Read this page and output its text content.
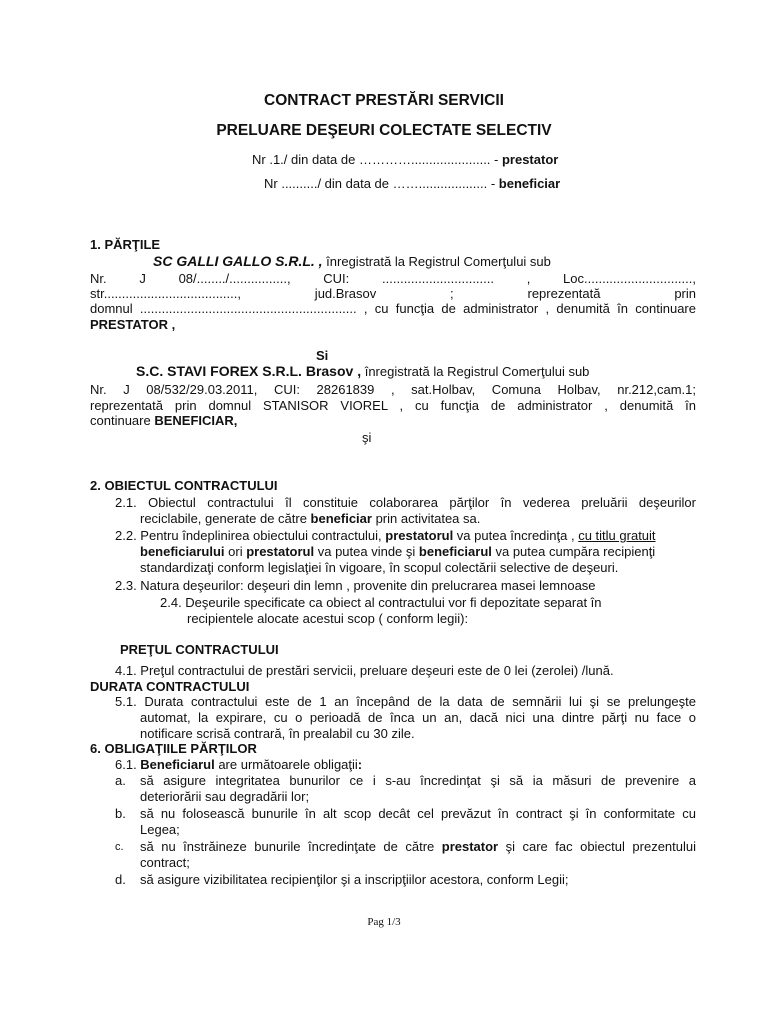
CONTRACT PRESTĂRI SERVICII
PRELUARE DEŞEURI COLECTATE SELECTIV
Nr .1./ din data de …………...................... - prestator
Nr ........../ din data de ……................... - beneficiar
1. PĂRŢILE
SC GALLI GALLO S.R.L. , înregistrată la Registrul Comerţului sub
Nr. J 08/......../................, CUI: ............................... , Loc..............................,
str....................................., jud.Brasov ; reprezentată prin
domnul ............................................................ , cu funcţia de administrator , denumită în continuare
PRESTATOR ,
Si
S.C. STAVI FOREX S.R.L. Brasov , înregistrată la Registrul Comerţului sub
Nr. J 08/532/29.03.2011, CUI: 28261839 , sat.Holbav, Comuna Holbav, nr.212,cam.1;
reprezentată prin domnul STANISOR VIOREL , cu funcţia de administrator , denumită în
continuare BENEFICIAR,
şi
2. OBIECTUL CONTRACTULUI
2.1. Obiectul contractului îl constituie colaborarea părţilor în vederea preluării deşeurilor
reciclabile, generate de către beneficiar prin activitatea sa.
2.2. Pentru îndeplinirea obiectului contractului, prestatorul va putea încredinţa , cu titlu gratuit
beneficiarului ori prestatorul va putea vinde şi beneficiarul va putea cumpăra recipienţi
standardizaţi conform legislaţiei în vigoare, în scopul colectării selective de deşeuri.
2.3. Natura deşeurilor: deşeuri din lemn , provenite din prelucrarea masei lemnoase
2.4. Deşeurile specificate ca obiect al contractului vor fi depozitate separat în
recipientele alocate acestui scop ( conform legii):
PREŢUL CONTRACTULUI
4.1. Preţul contractului de prestări servicii, preluare deşeuri este de 0 lei (zerolei) /lună.
DURATA CONTRACTULUI
5.1. Durata contractului este de 1 an începând de la data de semnării lui şi se prelungeşte
automat, la expirare, cu o perioadă de înca un an, dacă nici una dintre părţi nu face o
notificare scrisă contrară, în prealabil cu 30 zile.
6. OBLIGAŢIILE PĂRŢILOR
6.1. Beneficiarul are următoarele obligaţii:
a. să asigure integritatea bunurilor ce i s-au încredinţat şi să ia măsuri de prevenire a
deteriorării sau degradării lor;
b. să nu folosească bunurile în alt scop decât cel prevăzut în contract şi în conformitate cu
Legea;
c. să nu înstrăineze bunurile încredinţate de către prestator şi care fac obiectul prezentului
contract;
d. să asigure vizibilitatea recipienţilor şi a inscripţiilor acestora, conform Legii;
Pag 1/3
